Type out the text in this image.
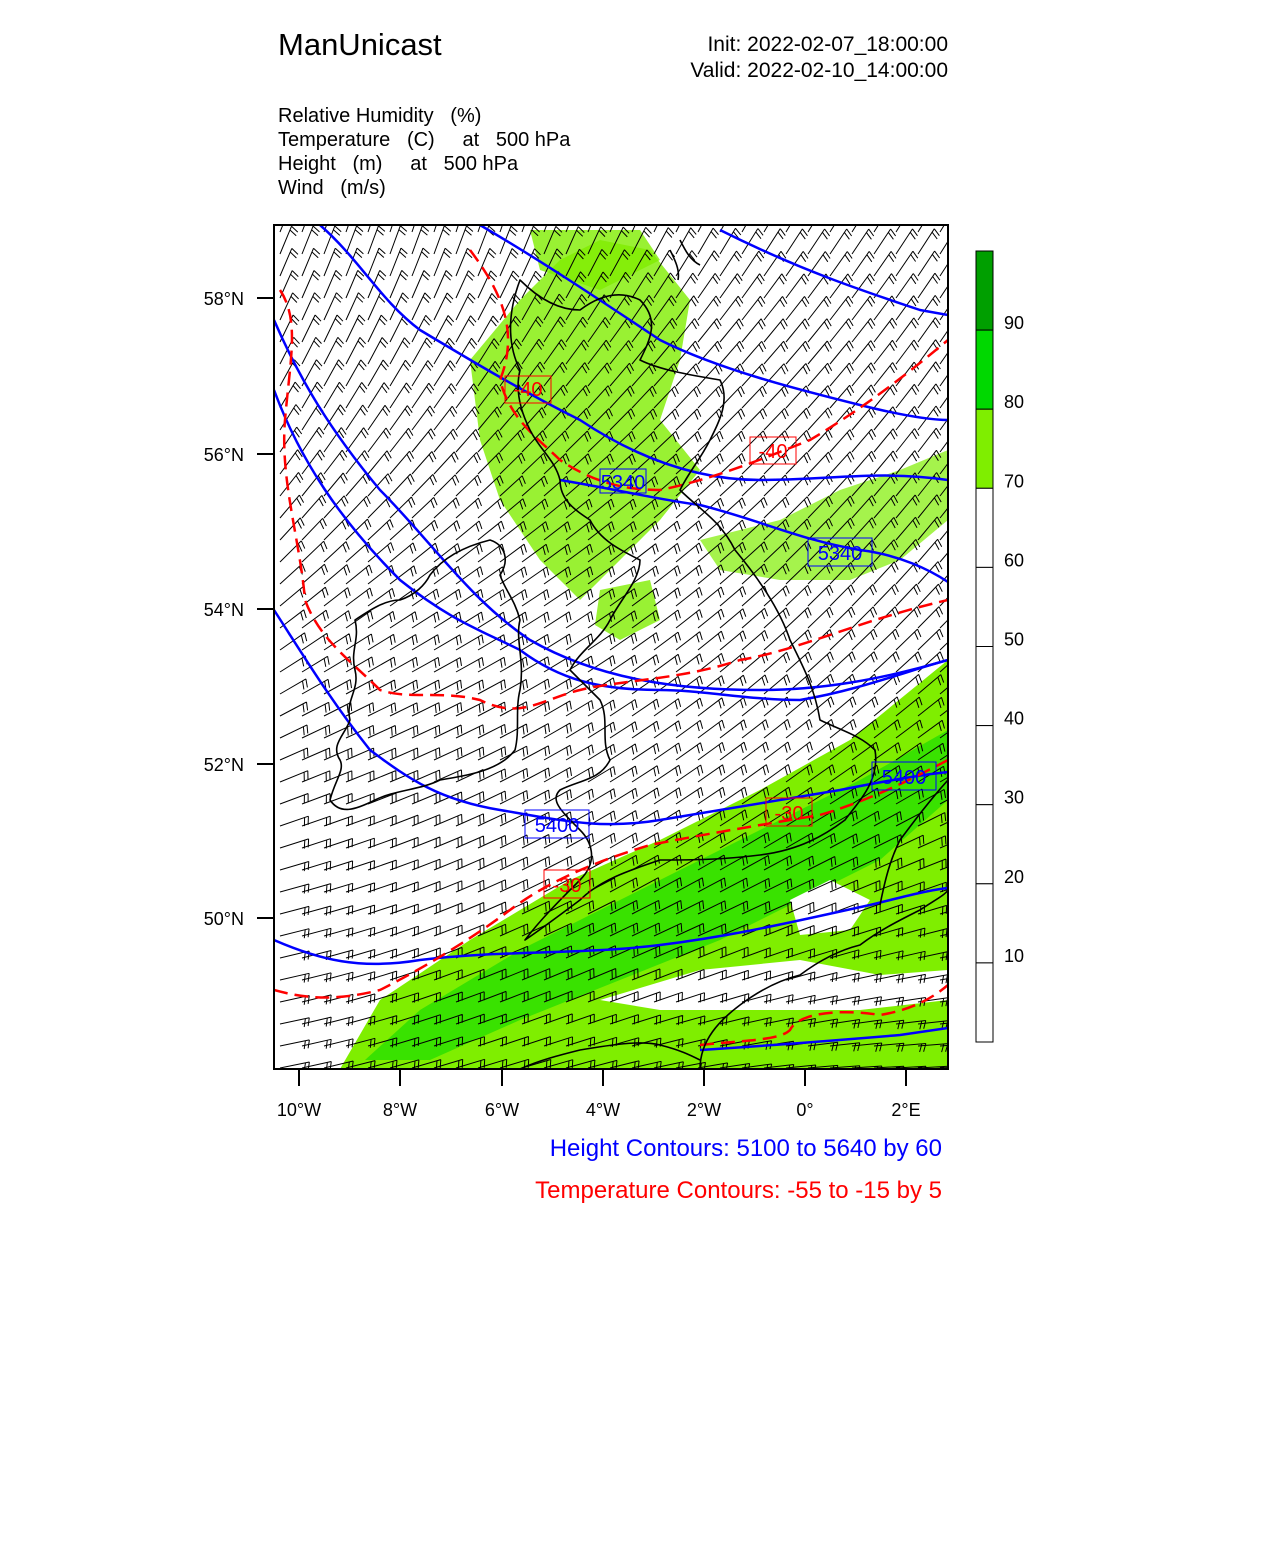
ManUnicast	Init: 2022-02-07_18:00:00
Valid: 2022-02-10_14:00:00
Relative Humidity (%)
Temperature (C) at 500 hPa
Height (m) at 500 hPa
Wind (m/s)
58°N
56°N
54°N
52°N
50°N
10°W	8°W	6°W	4°W	2°W	0°	2°E
5340
5340
5400
5400
-40
-40
-30
-30
90
80
70
60
50
40
30
20
10
Height Contours: 5100 to 5640 by 60
Temperature Contours: -55 to -15 by 5
